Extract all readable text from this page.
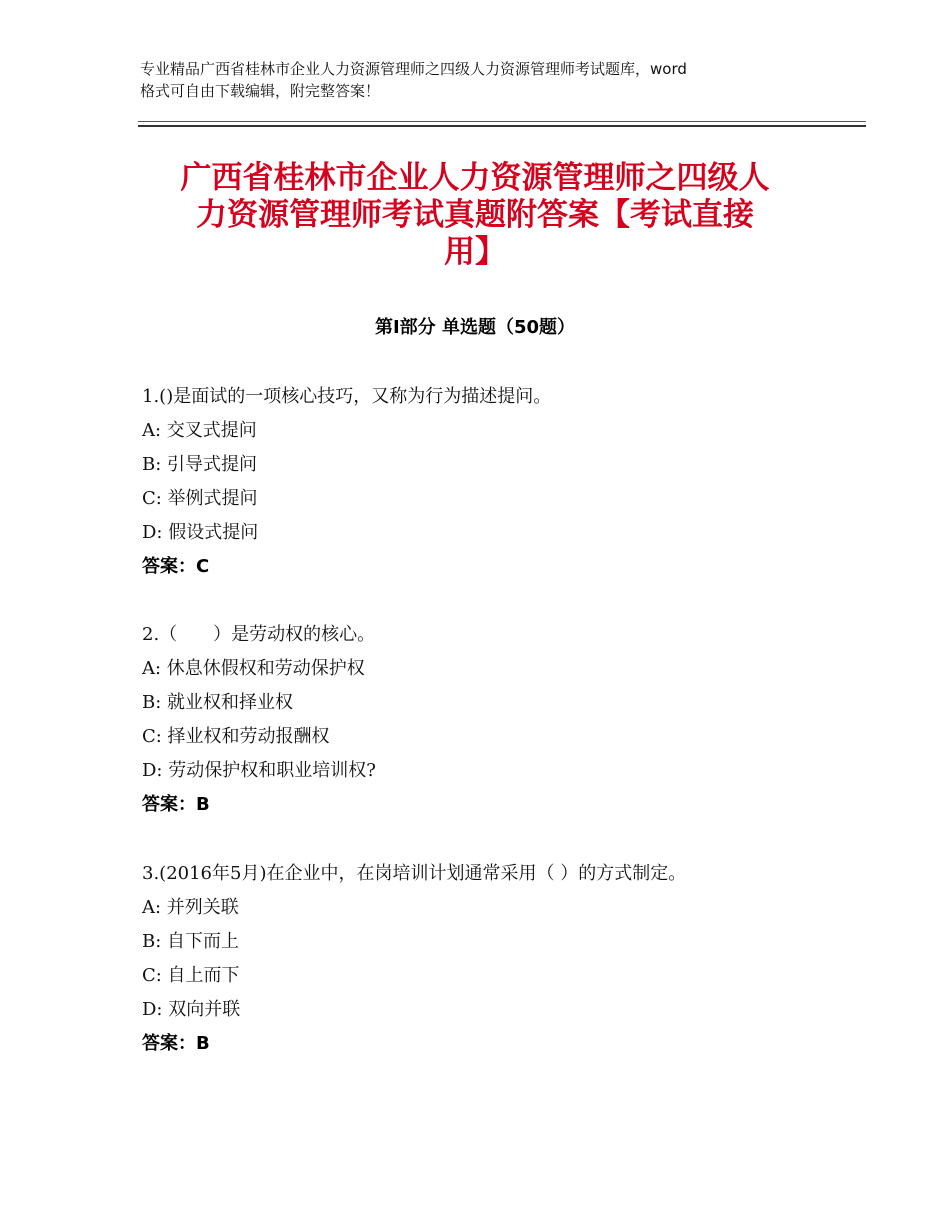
专业精品广西省桂林市企业人力资源管理师之四级人力资源管理师考试题库，word
格式可自由下载编辑，附完整答案！
广西省桂林市企业人力资源管理师之四级人
力资源管理师考试真题附答案【考试直接
用】
第Ⅰ部分 单选题（50题）
1.()是面试的一项核心技巧，又称为行为描述提问。
A: 交叉式提问
B: 引导式提问
C: 举例式提问
D: 假设式提问
答案：C
2.（　　）是劳动权的核心。
A: 休息休假权和劳动保护权
B: 就业权和择业权
C: 择业权和劳动报酬权
D: 劳动保护权和职业培训权?
答案：B
3.(2016年5月)在企业中，在岗培训计划通常采用（ ）的方式制定。
A: 并列关联
B: 自下而上
C: 自上而下
D: 双向并联
答案：B
